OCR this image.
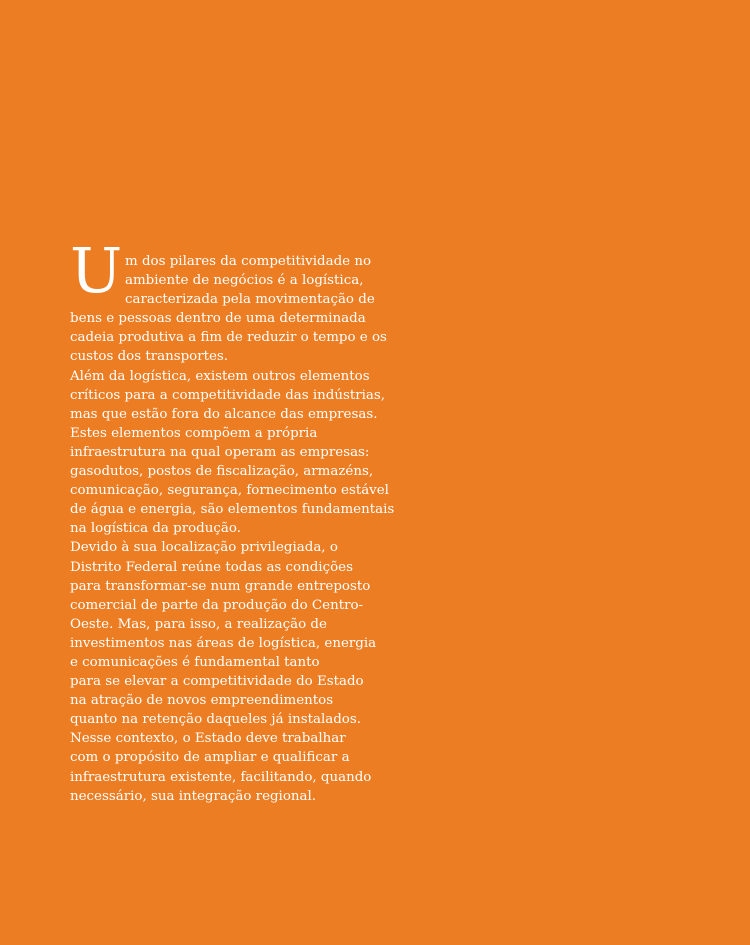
U m dos pilares da competitividade no
ambiente de negócios é a logística,
caracterizada pela movimentação de
bens e pessoas dentro de uma determinada
cadeia produtiva a fim de reduzir o tempo e os
custos dos transportes.

Além da logística, existem outros elementos
críticos para a competitividade das indústrias,
mas que estão fora do alcance das empresas.
Estes elementos compõem a própria
infraestrutura na qual operam as empresas:
gasodutos, postos de fiscalização, armazéns,
comunicação, segurança, fornecimento estável
de água e energia, são elementos fundamentais
na logística da produção.

Devido à sua localização privilegiada, o
Distrito Federal reúne todas as condições
para transformar-se num grande entreposto
comercial de parte da produção do Centro-
Oeste. Mas, para isso, a realização de
investimentos nas áreas de logística, energia
e comunicações é fundamental tanto
para se elevar a competitividade do Estado
na atração de novos empreendimentos
quanto na retenção daqueles já instalados.
Nesse contexto, o Estado deve trabalhar
com o propósito de ampliar e qualificar a
infraestrutura existente, facilitando, quando
necessário, sua integração regional.
